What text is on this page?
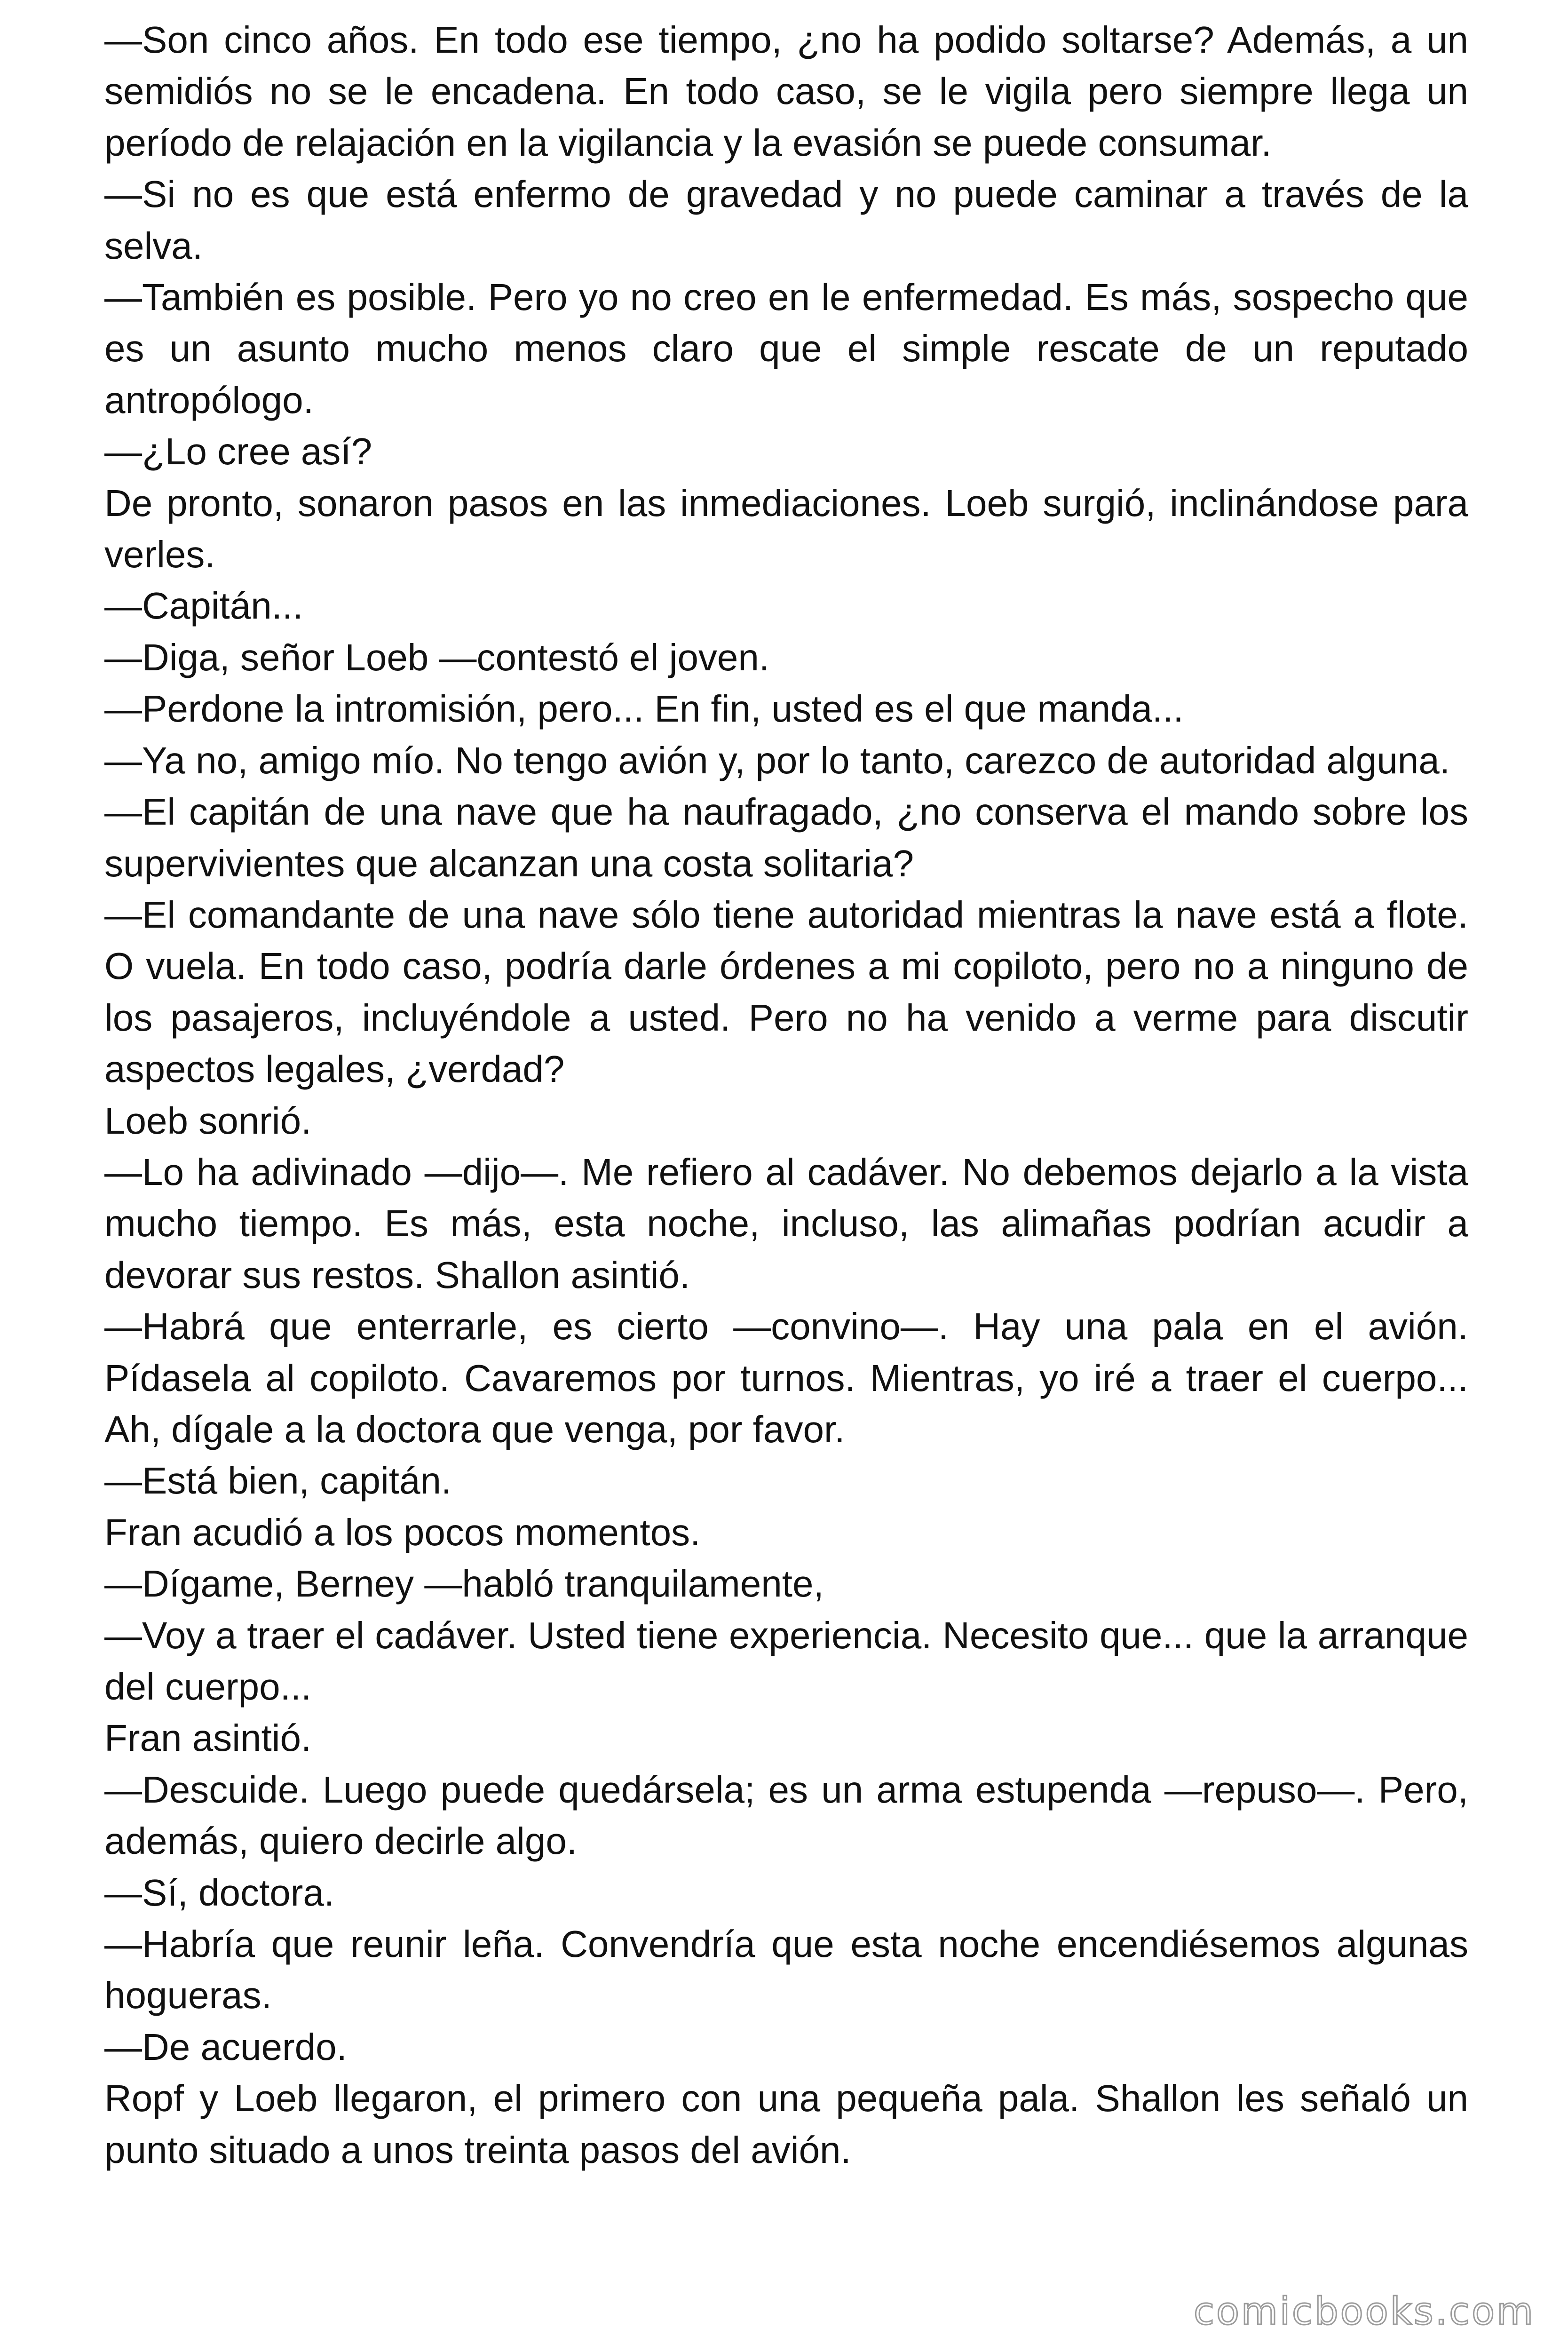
—Son cinco años. En todo ese tiempo, ¿no ha podido soltarse? Además, a un semidiós no se le encadena. En todo caso, se le vigila pero siempre llega un período de relajación en la vigilancia y la evasión se puede consumar.

—Si no es que está enfermo de gravedad y no puede caminar a través de la selva.

—También es posible. Pero yo no creo en le enfermedad. Es más, sospecho que es un asunto mucho menos claro que el simple rescate de un reputado antropólogo.

—¿Lo cree así?

De pronto, sonaron pasos en las inmediaciones. Loeb surgió, inclinándose para verles.

—Capitán...

—Diga, señor Loeb —contestó el joven.

—Perdone la intromisión, pero... En fin, usted es el que manda...

—Ya no, amigo mío. No tengo avión y, por lo tanto, carezco de autoridad alguna.

—El capitán de una nave que ha naufragado, ¿no conserva el mando sobre los supervivientes que alcanzan una costa solitaria?

—El comandante de una nave sólo tiene autoridad mientras la nave está a flote. O vuela. En todo caso, podría darle órdenes a mi copiloto, pero no a ninguno de los pasajeros, incluyéndole a usted. Pero no ha venido a verme para discutir aspectos legales, ¿verdad?

Loeb sonrió.

—Lo ha adivinado —dijo—. Me refiero al cadáver. No debemos dejarlo a la vista mucho tiempo. Es más, esta noche, incluso, las alimañas podrían acudir a devorar sus restos. Shallon asintió.

—Habrá que enterrarle, es cierto —convino—. Hay una pala en el avión. Pídasela al copiloto. Cavaremos por turnos. Mientras, yo iré a traer el cuerpo... Ah, dígale a la doctora que venga, por favor.

—Está bien, capitán.

Fran acudió a los pocos momentos.

—Dígame, Berney —habló tranquilamente,

—Voy a traer el cadáver. Usted tiene experiencia. Necesito que... que la arranque del cuerpo...

Fran asintió.

—Descuide. Luego puede quedársela; es un arma estupenda —repuso—. Pero, además, quiero decirle algo.

—Sí, doctora.

—Habría que reunir leña. Convendría que esta noche encendiésemos algunas hogueras.

—De acuerdo.

Ropf y Loeb llegaron, el primero con una pequeña pala. Shallon les señaló un punto situado a unos treinta pasos del avión.

comicbooks.com
